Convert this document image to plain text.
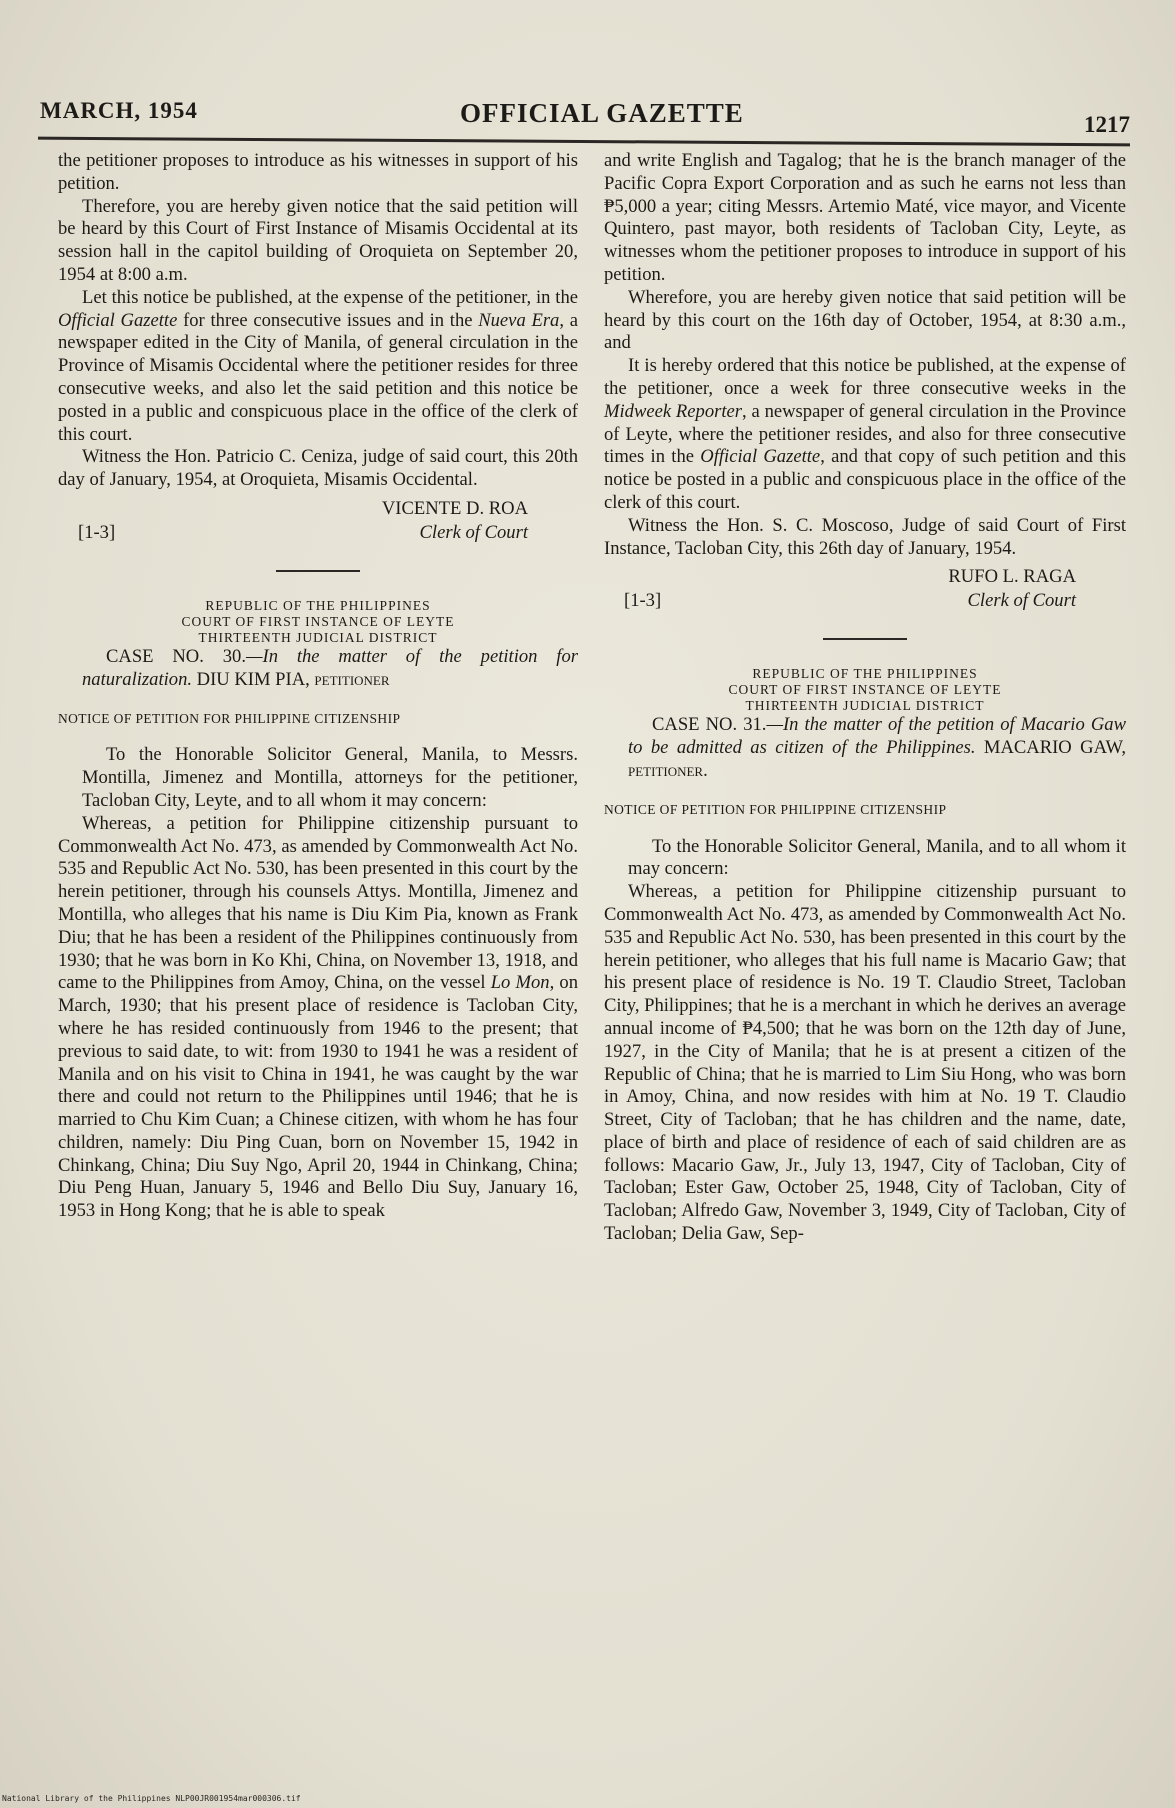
MARCH, 1954	OFFICIAL GAZETTE	1217

the petitioner proposes to introduce as his witnesses in support of his petition.

Therefore, you are hereby given notice that the said petition will be heard by this Court of First Instance of Misamis Occidental at its session hall in the capitol building of Oroquieta on September 20, 1954 at 8:00 a.m.

Let this notice be published, at the expense of the petitioner, in the Official Gazette for three consecutive issues and in the Nueva Era, a newspaper edited in the City of Manila, of general circulation in the Province of Misamis Occidental where the petitioner resides for three consecutive weeks, and also let the said petition and this notice be posted in a public and conspicuous place in the office of the clerk of this court.

Witness the Hon. Patricio C. Ceniza, judge of said court, this 20th day of January, 1954, at Oroquieta, Misamis Occidental.

VICENTE D. ROA
[1-3]	Clerk of Court
REPUBLIC OF THE PHILIPPINES
COURT OF FIRST INSTANCE OF LEYTE
THIRTEENTH JUDICIAL DISTRICT

CASE NO. 30.—In the matter of the petition for naturalization. DIU KIM PIA, petitioner

NOTICE OF PETITION FOR PHILIPPINE CITIZENSHIP

To the Honorable Solicitor General, Manila, to Messrs. Montilla, Jimenez and Montilla, attorneys for the petitioner, Tacloban City, Leyte, and to all whom it may concern:

Whereas, a petition for Philippine citizenship pursuant to Commonwealth Act No. 473, as amended by Commonwealth Act No. 535 and Republic Act No. 530, has been presented in this court by the herein petitioner, through his counsels Attys. Montilla, Jimenez and Montilla, who alleges that his name is Diu Kim Pia, known as Frank Diu; that he has been a resident of the Philippines continuously from 1930; that he was born in Ko Khi, China, on November 13, 1918, and came to the Philippines from Amoy, China, on the vessel Lo Mon, on March, 1930; that his present place of residence is Tacloban City, where he has resided continuously from 1946 to the present; that previous to said date, to wit: from 1930 to 1941 he was a resident of Manila and on his visit to China in 1941, he was caught by the war there and could not return to the Philippines until 1946; that he is married to Chu Kim Cuan; a Chinese citizen, with whom he has four children, namely: Diu Ping Cuan, born on November 15, 1942 in Chinkang, China; Diu Suy Ngo, April 20, 1944 in Chinkang, China; Diu Peng Huan, January 5, 1946 and Bello Diu Suy, January 16, 1953 in Hong Kong; that he is able to speak

and write English and Tagalog; that he is the branch manager of the Pacific Copra Export Corporation and as such he earns not less than ₱5,000 a year; citing Messrs. Artemio Maté, vice mayor, and Vicente Quintero, past mayor, both residents of Tacloban City, Leyte, as witnesses whom the petitioner proposes to introduce in support of his petition.

Wherefore, you are hereby given notice that said petition will be heard by this court on the 16th day of October, 1954, at 8:30 a.m., and

It is hereby ordered that this notice be published, at the expense of the petitioner, once a week for three consecutive weeks in the Midweek Reporter, a newspaper of general circulation in the Province of Leyte, where the petitioner resides, and also for three consecutive times in the Official Gazette, and that copy of such petition and this notice be posted in a public and conspicuous place in the office of the clerk of this court.

Witness the Hon. S. C. Moscoso, Judge of said Court of First Instance, Tacloban City, this 26th day of January, 1954.

RUFO L. RAGA
[1-3]	Clerk of Court
REPUBLIC OF THE PHILIPPINES
COURT OF FIRST INSTANCE OF LEYTE
THIRTEENTH JUDICIAL DISTRICT

CASE NO. 31.—In the matter of the petition of Macario Gaw to be admitted as citizen of the Philippines. MACARIO GAW, petitioner.

NOTICE OF PETITION FOR PHILIPPINE CITIZENSHIP

To the Honorable Solicitor General, Manila, and to all whom it may concern:

Whereas, a petition for Philippine citizenship pursuant to Commonwealth Act No. 473, as amended by Commonwealth Act No. 535 and Republic Act No. 530, has been presented in this court by the herein petitioner, who alleges that his full name is Macario Gaw; that his present place of residence is No. 19 T. Claudio Street, Tacloban City, Philippines; that he is a merchant in which he derives an average annual income of ₱4,500; that he was born on the 12th day of June, 1927, in the City of Manila; that he is at present a citizen of the Republic of China; that he is married to Lim Siu Hong, who was born in Amoy, China, and now resides with him at No. 19 T. Claudio Street, City of Tacloban; that he has children and the name, date, place of birth and place of residence of each of said children are as follows: Macario Gaw, Jr., July 13, 1947, City of Tacloban, City of Tacloban; Ester Gaw, October 25, 1948, City of Tacloban, City of Tacloban; Alfredo Gaw, November 3, 1949, City of Tacloban, City of Tacloban; Delia Gaw, Sep-

National Library of the Philippines NLP00JR001954mar000306.tif
